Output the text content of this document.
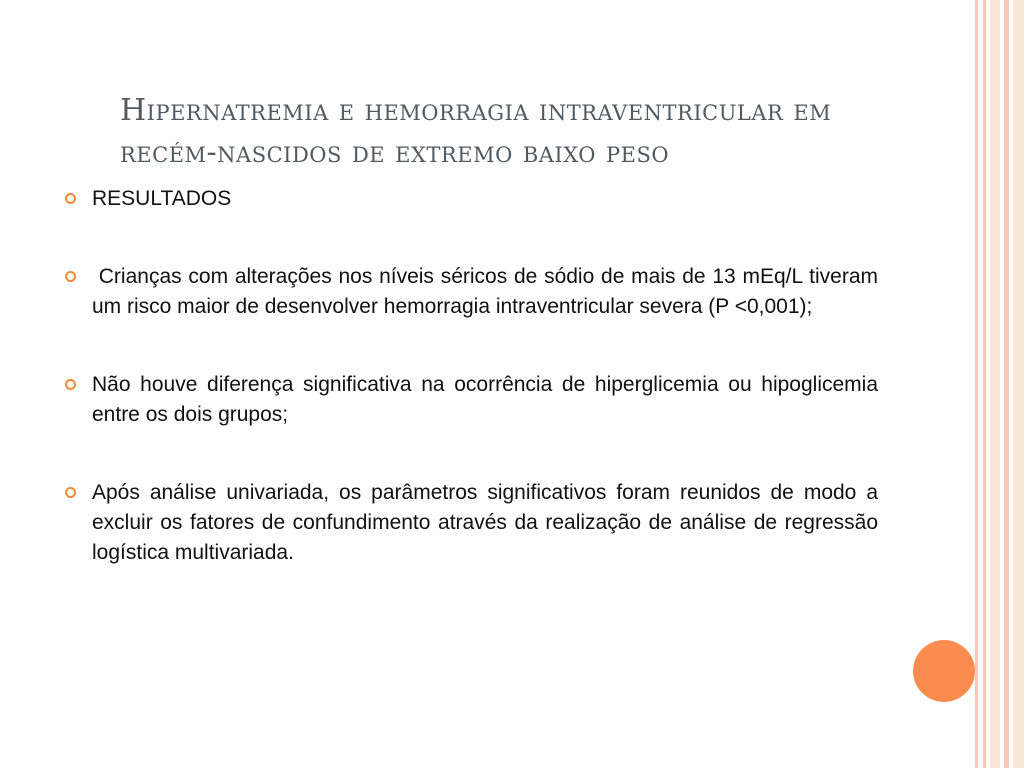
Hipernatremia e hemorragia intraventricular em recém-nascidos de extremo baixo peso
RESULTADOS
Crianças com alterações nos níveis séricos de sódio de mais de 13 mEq/L tiveram um risco maior de desenvolver hemorragia intraventricular severa (P <0,001);
Não houve diferença significativa na ocorrência de hiperglicemia ou hipoglicemia entre os dois grupos;
Após análise univariada, os parâmetros significativos foram reunidos de modo a excluir os fatores de confundimento através da realização de análise de regressão logística multivariada.
